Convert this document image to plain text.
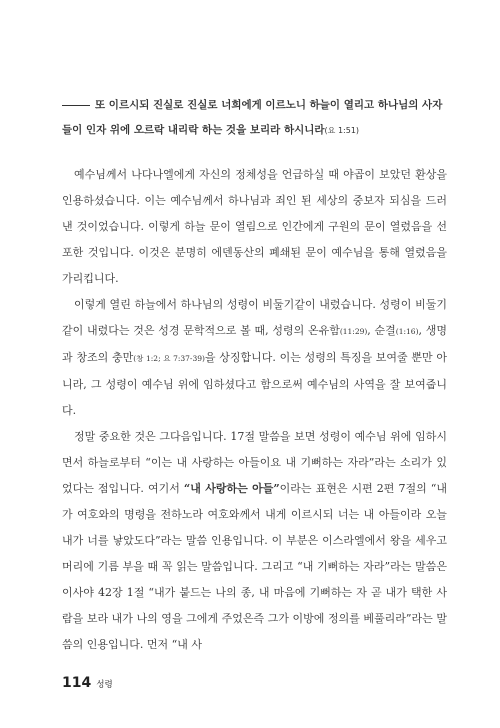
또 이르시되 진실로 진실로 너희에게 이르노니 하늘이 열리고 하나님의 사자들이 인자 위에 오르락 내리락 하는 것을 보리라 하시니라(요 1:51)

예수님께서 나다나엘에게 자신의 정체성을 언급하실 때 야곱이 보았던 환상을 인용하셨습니다. 이는 예수님께서 하나님과 죄인 된 세상의 중보자 되심을 드러낸 것이었습니다. 이렇게 하늘 문이 열림으로 인간에게 구원의 문이 열렸음을 선포한 것입니다. 이것은 분명히 에덴동산의 폐쇄된 문이 예수님을 통해 열렸음을 가리킵니다.

이렇게 열린 하늘에서 하나님의 성령이 비둘기같이 내렸습니다. 성령이 비둘기같이 내렸다는 것은 성경 문학적으로 볼 때, 성령의 온유함(11:29), 순결(1:16), 생명과 창조의 충만(창 1:2; 요 7:37-39)을 상징합니다. 이는 성령의 특징을 보여줄 뿐만 아니라, 그 성령이 예수님 위에 임하셨다고 함으로써 예수님의 사역을 잘 보여줍니다.

정말 중요한 것은 그다음입니다. 17절 말씀을 보면 성령이 예수님 위에 임하시면서 하늘로부터 “이는 내 사랑하는 아들이요 내 기뻐하는 자라”라는 소리가 있었다는 점입니다. 여기서 “내 사랑하는 아들”이라는 표현은 시편 2편 7절의 “내가 여호와의 명령을 전하노라 여호와께서 내게 이르시되 너는 내 아들이라 오늘 내가 너를 낳았도다”라는 말씀 인용입니다. 이 부분은 이스라엘에서 왕을 세우고 머리에 기름 부을 때 꼭 읽는 말씀입니다. 그리고 “내 기뻐하는 자라”라는 말씀은 이사야 42장 1절 “내가 붙드는 나의 종, 내 마음에 기뻐하는 자 곧 내가 택한 사람을 보라 내가 나의 영을 그에게 주었은즉 그가 이방에 정의를 베풀리라”라는 말씀의 인용입니다. 먼저 “내 사

114 성령
